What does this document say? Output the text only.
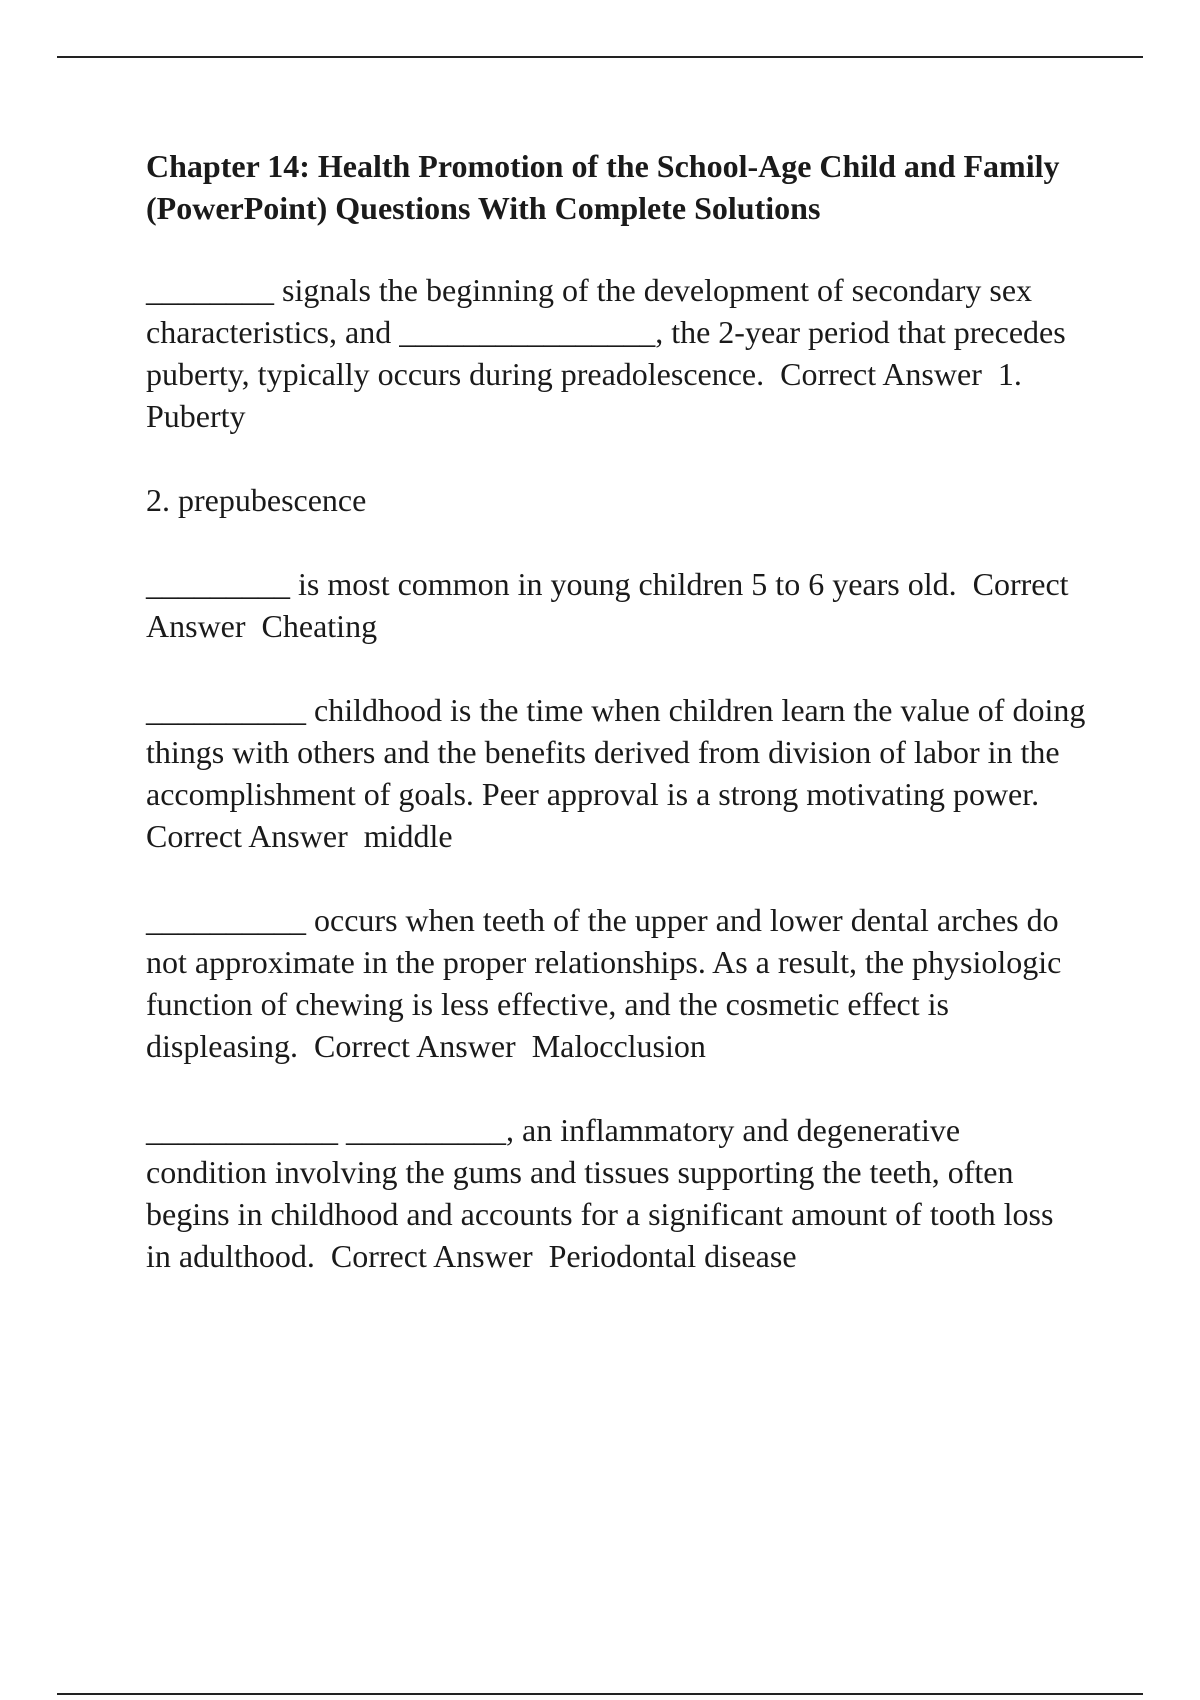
Chapter 14: Health Promotion of the School-Age Child and Family (PowerPoint) Questions With Complete Solutions

________ signals the beginning of the development of secondary sex characteristics, and ________________, the 2-year period that precedes puberty, typically occurs during preadolescence.  Correct Answer  1. Puberty

2. prepubescence

_________ is most common in young children 5 to 6 years old.  Correct Answer  Cheating

__________ childhood is the time when children learn the value of doing things with others and the benefits derived from division of labor in the accomplishment of goals. Peer approval is a strong motivating power.  Correct Answer  middle

__________ occurs when teeth of the upper and lower dental arches do not approximate in the proper relationships. As a result, the physiologic function of chewing is less effective, and the cosmetic effect is displeasing.  Correct Answer  Malocclusion

____________ __________, an inflammatory and degenerative condition involving the gums and tissues supporting the teeth, often begins in childhood and accounts for a significant amount of tooth loss in adulthood.  Correct Answer  Periodontal disease
